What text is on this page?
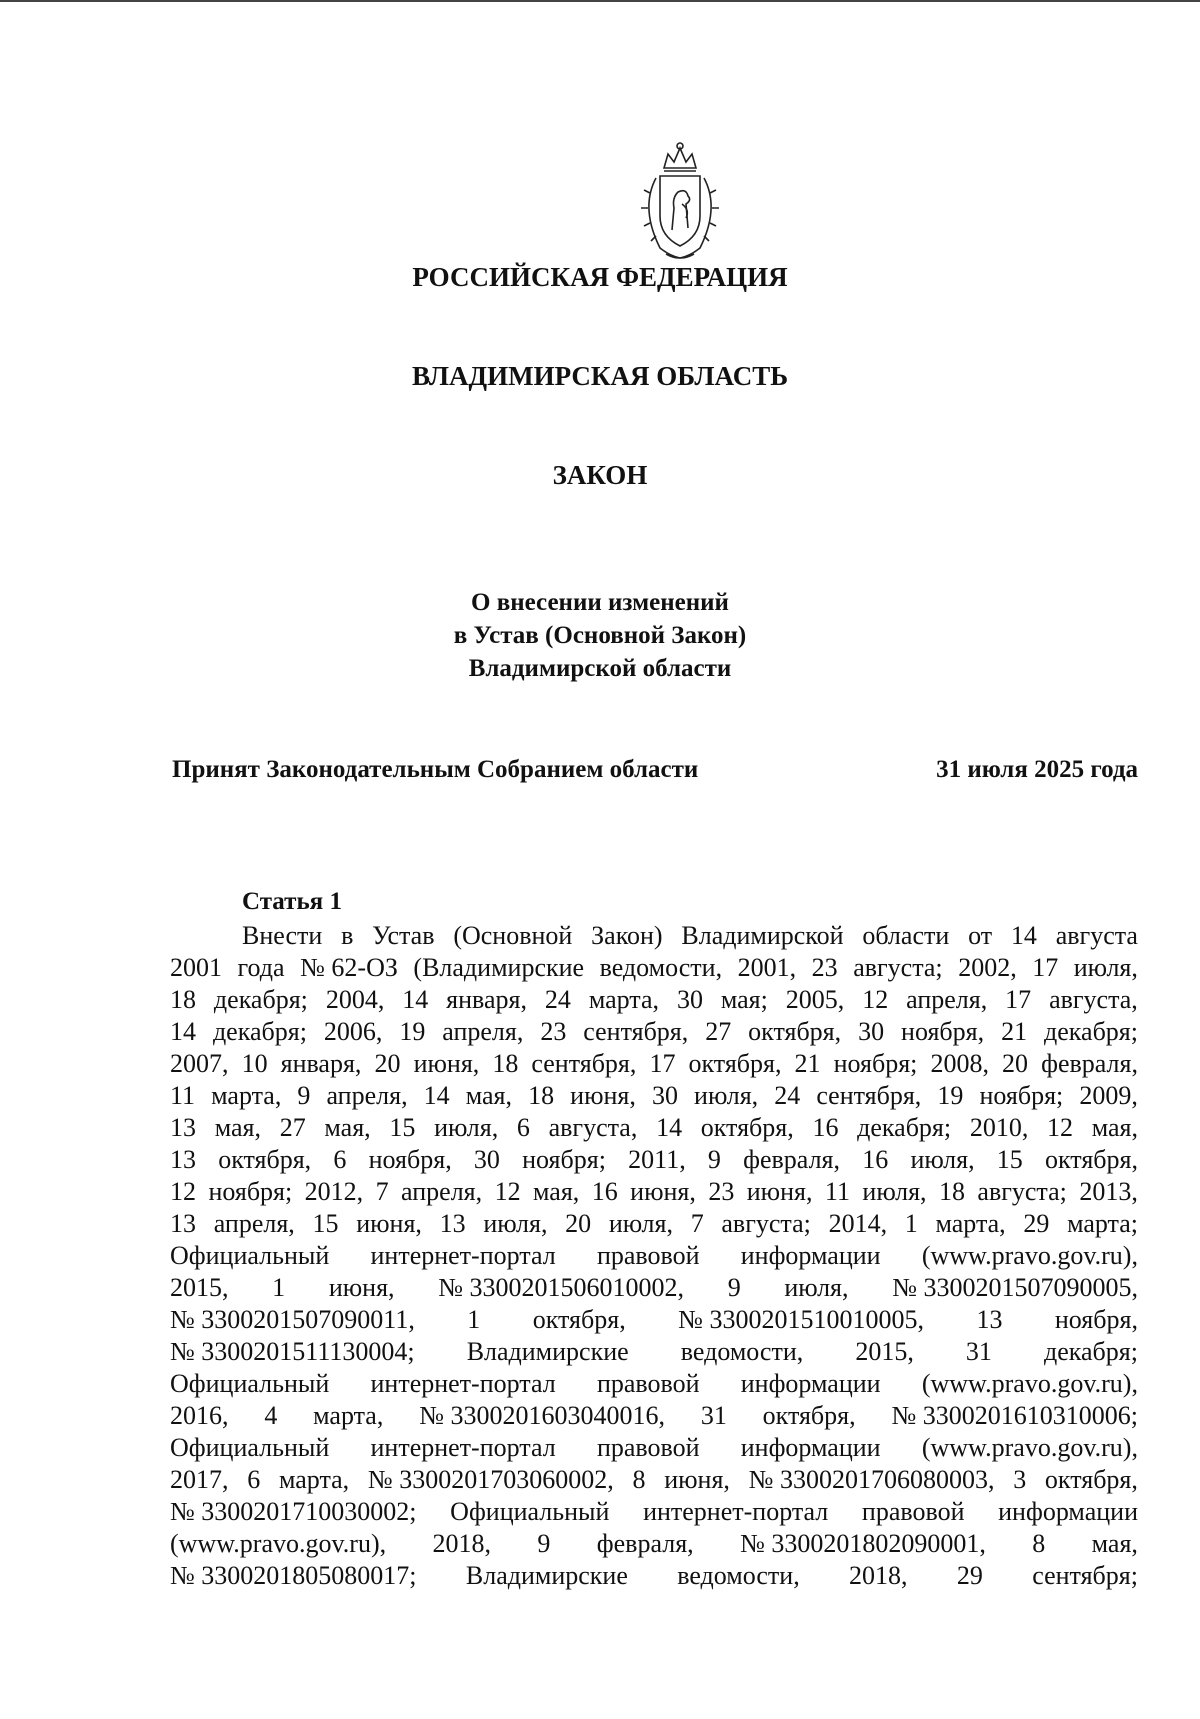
РОССИЙСКАЯ ФЕДЕРАЦИЯ
ВЛАДИМИРСКАЯ ОБЛАСТЬ
ЗАКОН
О внесении изменений
в Устав (Основной Закон)
Владимирской области
Принят Законодательным Собранием области	31 июля 2025 года
Статья 1
Внести в Устав (Основной Закон) Владимирской области от 14 августа
2001 года № 62-ОЗ (Владимирские ведомости, 2001, 23 августа; 2002, 17 июля,
18 декабря; 2004, 14 января, 24 марта, 30 мая; 2005, 12 апреля, 17 августа,
14 декабря; 2006, 19 апреля, 23 сентября, 27 октября, 30 ноября, 21 декабря;
2007, 10 января, 20 июня, 18 сентября, 17 октября, 21 ноября; 2008, 20 февраля,
11 марта, 9 апреля, 14 мая, 18 июня, 30 июля, 24 сентября, 19 ноября; 2009,
13 мая, 27 мая, 15 июля, 6 августа, 14 октября, 16 декабря; 2010, 12 мая,
13 октября, 6 ноября, 30 ноября; 2011, 9 февраля, 16 июля, 15 октября,
12 ноября; 2012, 7 апреля, 12 мая, 16 июня, 23 июня, 11 июля, 18 августа; 2013,
13 апреля, 15 июня, 13 июля, 20 июля, 7 августа; 2014, 1 марта, 29 марта;
Официальный интернет-портал правовой информации (www.pravo.gov.ru),
2015, 1 июня, № 3300201506010002, 9 июля, № 3300201507090005,
№ 3300201507090011, 1 октября, № 3300201510010005, 13 ноября,
№ 3300201511130004; Владимирские ведомости, 2015, 31 декабря;
Официальный интернет-портал правовой информации (www.pravo.gov.ru),
2016, 4 марта, № 3300201603040016, 31 октября, № 3300201610310006;
Официальный интернет-портал правовой информации (www.pravo.gov.ru),
2017, 6 марта, № 3300201703060002, 8 июня, № 3300201706080003, 3 октября,
№ 3300201710030002; Официальный интернет-портал правовой информации
(www.pravo.gov.ru), 2018, 9 февраля, № 3300201802090001, 8 мая,
№ 3300201805080017; Владимирские ведомости, 2018, 29 сентября;
